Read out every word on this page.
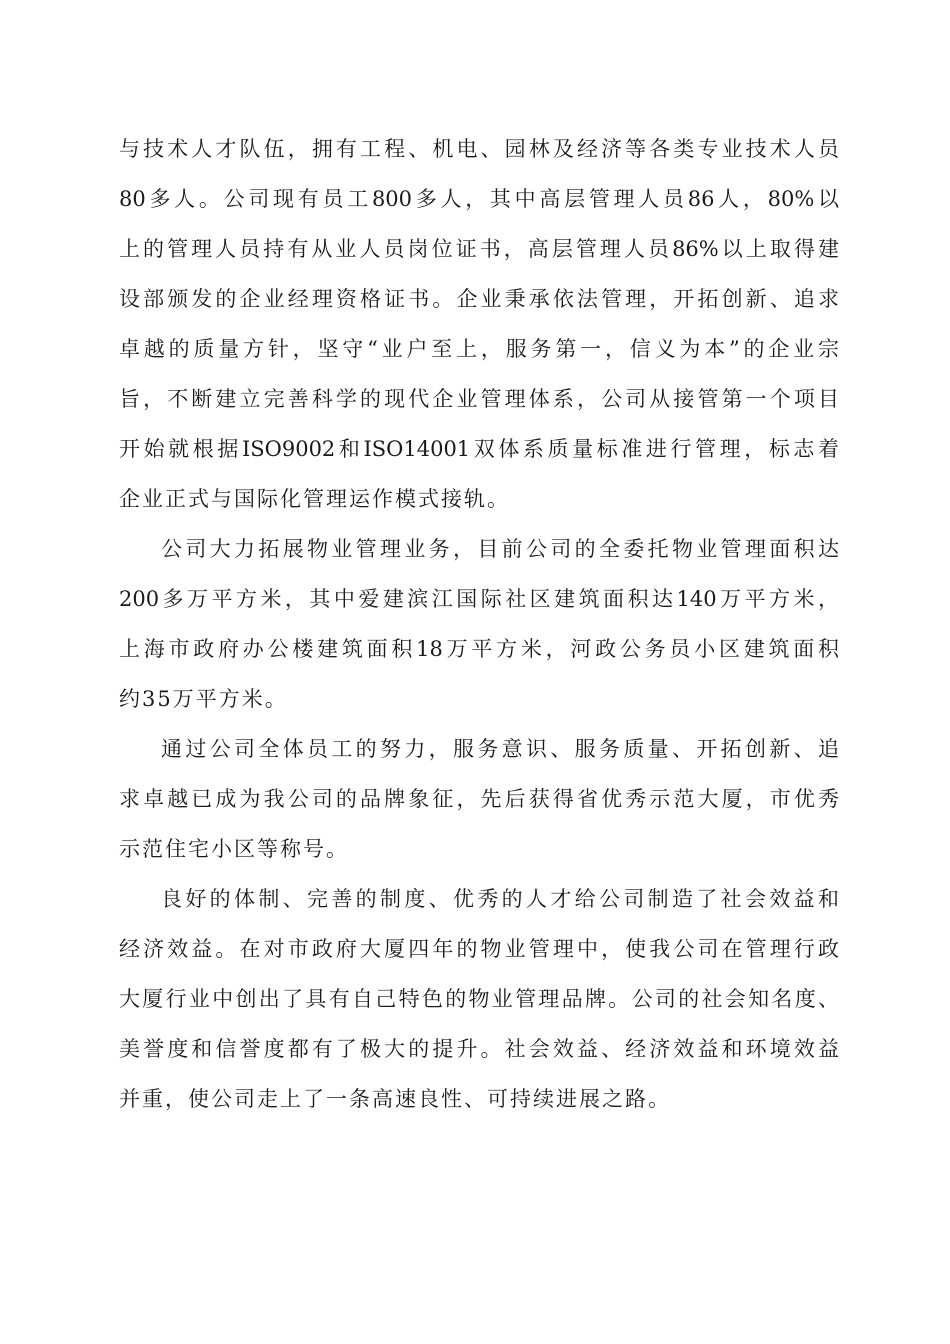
与技术人才队伍，拥有工程、机电、园林及经济等各类专业技术人员
80多人。公司现有员工800多人，其中高层管理人员86人，80%以
上的管理人员持有从业人员岗位证书，高层管理人员86%以上取得建
设部颁发的企业经理资格证书。企业秉承依法管理，开拓创新、追求
卓越的质量方针，坚守“业户至上，服务第一，信义为本”的企业宗
旨，不断建立完善科学的现代企业管理体系，公司从接管第一个项目
开始就根据ISO9002和ISO14001双体系质量标准进行管理，标志着
企业正式与国际化管理运作模式接轨。
公司大力拓展物业管理业务，目前公司的全委托物业管理面积达
200多万平方米，其中爱建滨江国际社区建筑面积达140万平方米，
上海市政府办公楼建筑面积18万平方米，河政公务员小区建筑面积
约35万平方米。
通过公司全体员工的努力，服务意识、服务质量、开拓创新、追
求卓越已成为我公司的品牌象征，先后获得省优秀示范大厦，市优秀
示范住宅小区等称号。
良好的体制、完善的制度、优秀的人才给公司制造了社会效益和
经济效益。在对市政府大厦四年的物业管理中，使我公司在管理行政
大厦行业中创出了具有自己特色的物业管理品牌。公司的社会知名度、
美誉度和信誉度都有了极大的提升。社会效益、经济效益和环境效益
并重，使公司走上了一条高速良性、可持续进展之路。
